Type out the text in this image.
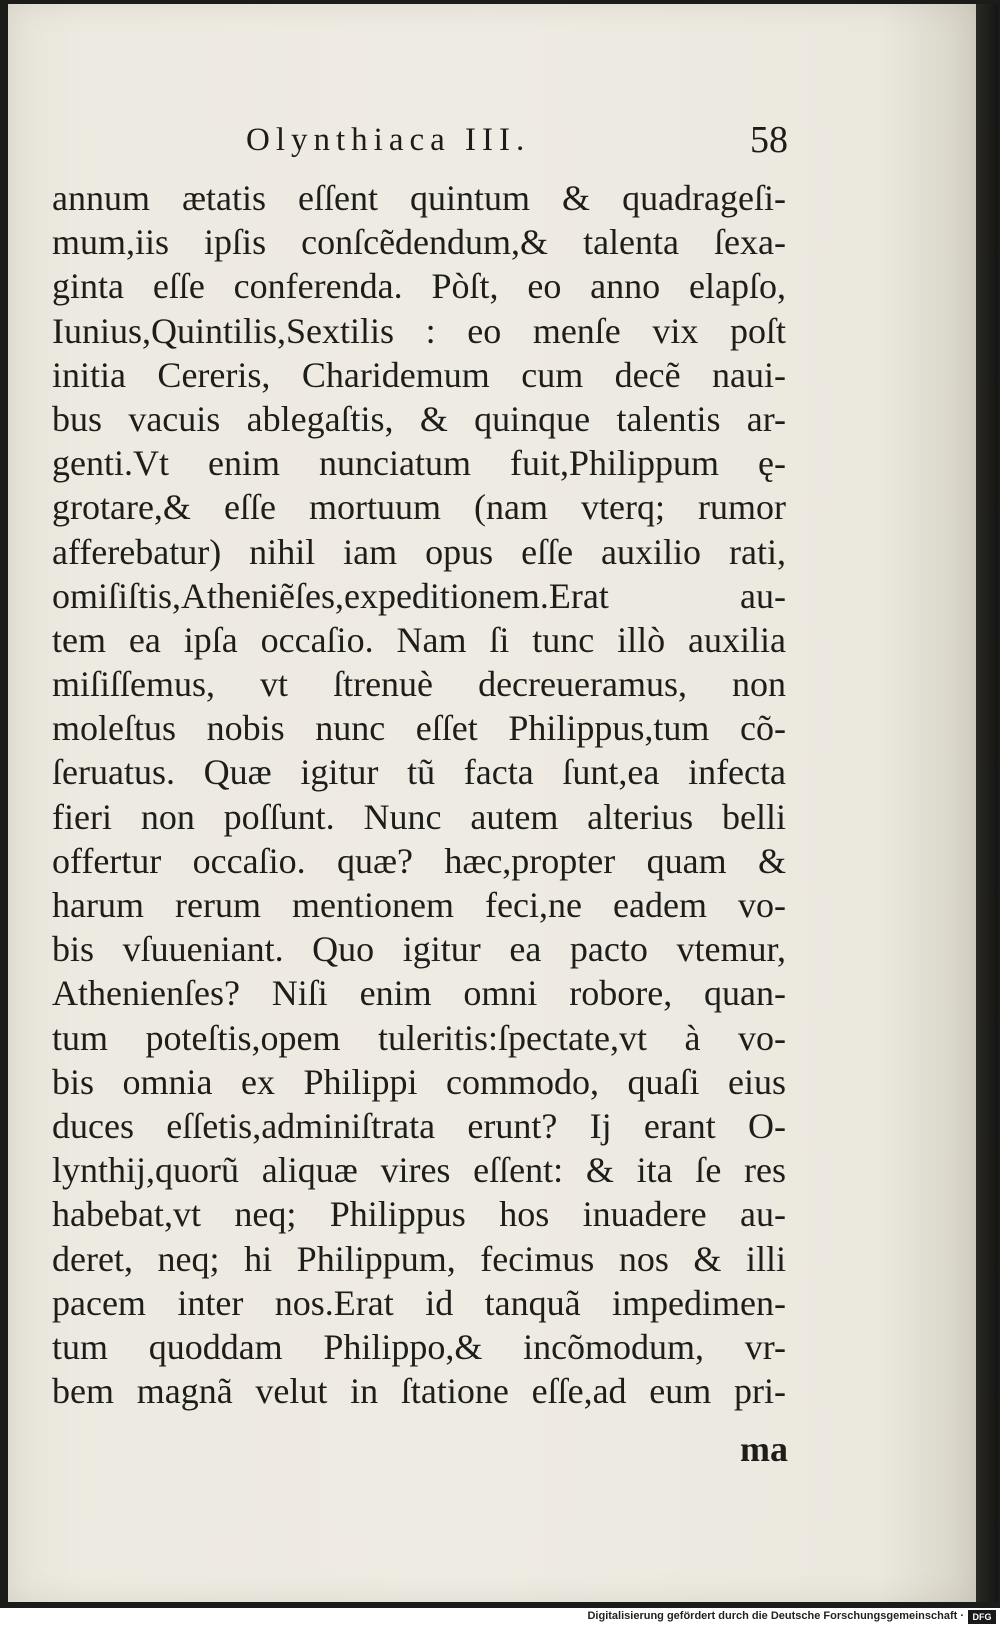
Olynthiaca III.	58
annum ætatis eſſent quintum & quadrageſi-
mum,iis ipſis conſcẽdendum,& talenta ſexa-
ginta eſſe conferenda. Pòſt, eo anno elapſo,
Iunius,Quintilis,Sextilis : eo menſe vix poſt
initia Cereris, Charidemum cum decẽ naui-
bus vacuis ablegaſtis, & quinque talentis ar-
genti.Vt enim nunciatum fuit,Philippum ę-
grotare,& eſſe mortuum (nam vterq; rumor
afferebatur) nihil iam opus eſſe auxilio rati,
omiſiſtis,Atheniẽſes,expeditionem.Erat au-
tem ea ipſa occaſio. Nam ſi tunc illò auxilia
miſiſſemus, vt ſtrenuè decreueramus, non
moleſtus nobis nunc eſſet Philippus,tum cõ-
ſeruatus. Quæ igitur tũ facta ſunt,ea infecta
fieri non poſſunt. Nunc autem alterius belli
offertur occaſio. quæ? hæc,propter quam &
harum rerum mentionem feci,ne eadem vo-
bis vſuueniant. Quo igitur ea pacto vtemur,
Athenienſes? Niſi enim omni robore, quan-
tum poteſtis,opem tuleritis:ſpectate,vt à vo-
bis omnia ex Philippi commodo, quaſi eius
duces eſſetis,adminiſtrata erunt? Ij erant O-
lynthij,quorũ aliquæ vires eſſent: & ita ſe res
habebat,vt neq; Philippus hos inuadere au-
deret, neq; hi Philippum, fecimus nos & illi
pacem inter nos.Erat id tanquã impedimen-
tum quoddam Philippo,& incõmodum, vr-
bem magnã velut in ſtatione eſſe,ad eum pri-
ma
Digitalisierung gefördert durch die Deutsche Forschungsgemeinschaft · DFG
